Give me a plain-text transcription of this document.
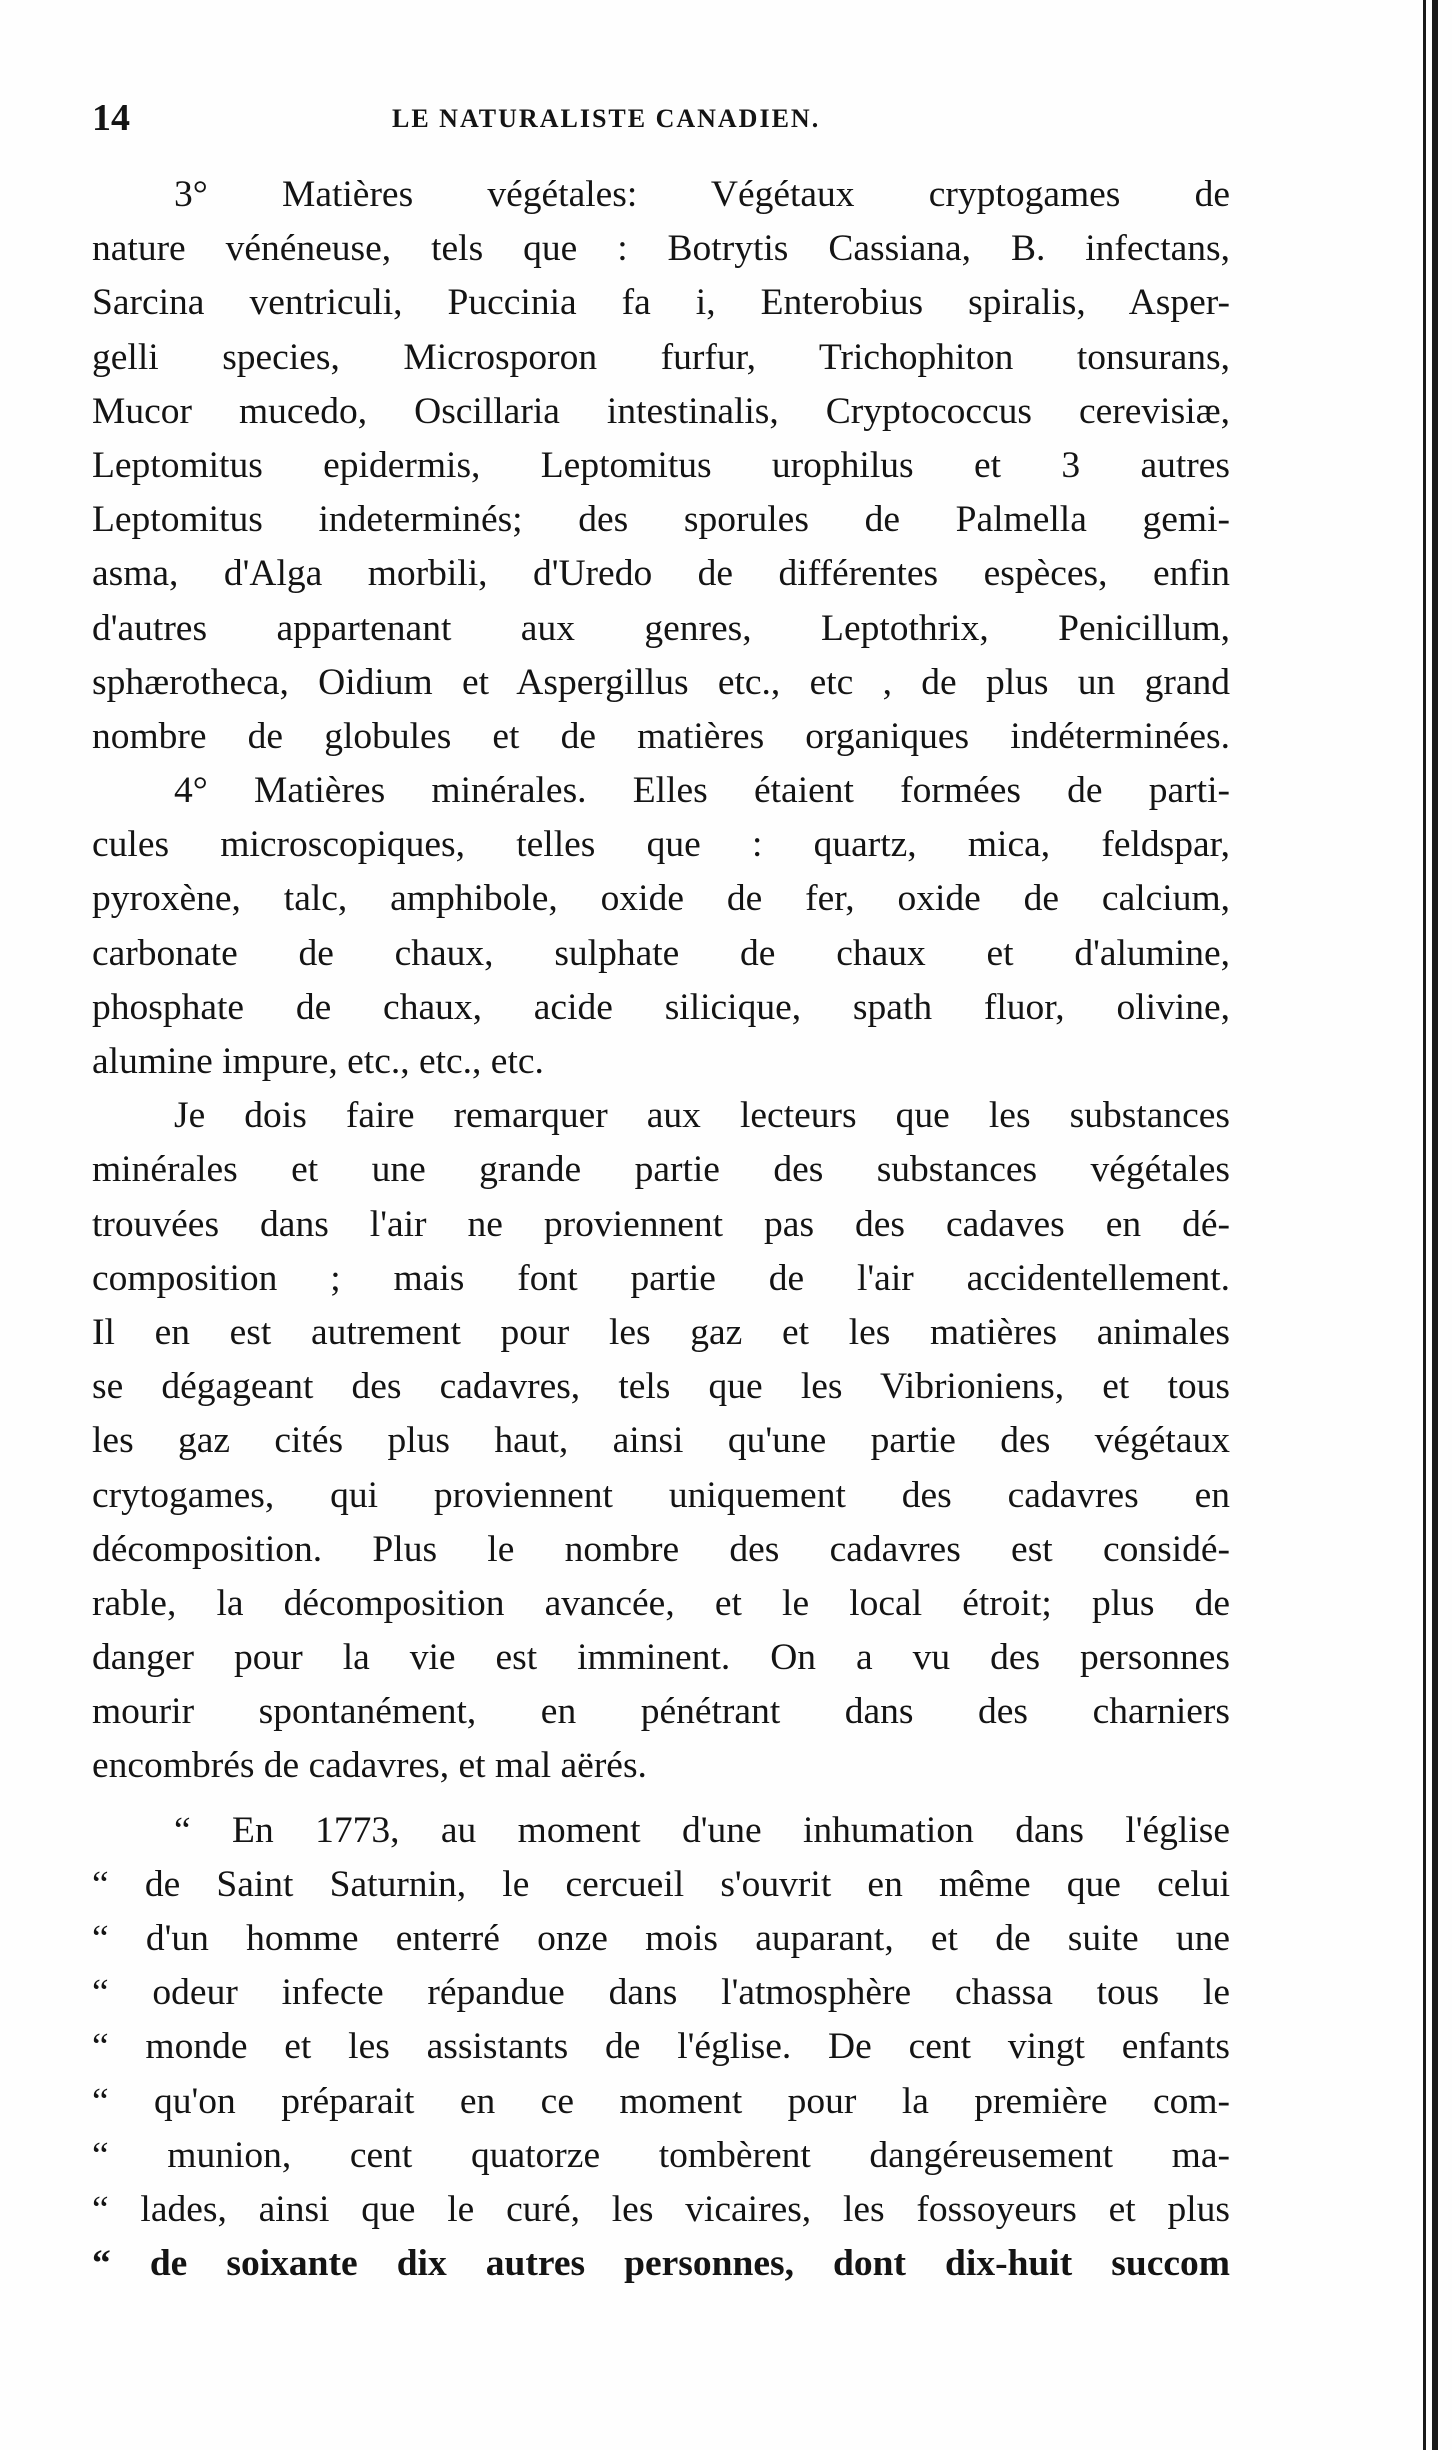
14	LE NATURALISTE CANADIEN.
3° Matières végétales: Végétaux cryptogames de
nature vénéneuse, tels que : Botrytis Cassiana, B. infectans,
Sarcina ventriculi, Puccinia fa i, Enterobius spiralis, Asper-
gelli species, Microsporon furfur, Trichophiton tonsurans,
Mucor mucedo, Oscillaria intestinalis, Cryptococcus cerevisiæ,
Leptomitus epidermis, Leptomitus urophilus et 3 autres
Leptomitus indeterminés; des sporules de Palmella gemi-
asma, d'Alga morbili, d'Uredo de différentes espèces, enfin
d'autres appartenant aux genres, Leptothrix, Penicillum,
sphærotheca, Oidium et Aspergillus etc., etc , de plus un grand
nombre de globules et de matières organiques indéterminées.
4° Matières minérales. Elles étaient formées de parti-
cules microscopiques, telles que : quartz, mica, feldspar,
pyroxène, talc, amphibole, oxide de fer, oxide de calcium,
carbonate de chaux, sulphate de chaux et d'alumine,
phosphate de chaux, acide silicique, spath fluor, olivine,
alumine impure, etc., etc., etc.
Je dois faire remarquer aux lecteurs que les substances
minérales et une grande partie des substances végétales
trouvées dans l'air ne proviennent pas des cadaves en dé-
composition ; mais font partie de l'air accidentellement.
Il en est autrement pour les gaz et les matières animales
se dégageant des cadavres, tels que les Vibrioniens, et tous
les gaz cités plus haut, ainsi qu'une partie des végétaux
crytogames, qui proviennent uniquement des cadavres en
décomposition. Plus le nombre des cadavres est considé-
rable, la décomposition avancée, et le local étroit; plus de
danger pour la vie est imminent. On a vu des personnes
mourir spontanément, en pénétrant dans des charniers
encombrés de cadavres, et mal aërés.
“ En 1773, au moment d'une inhumation dans l'église
“ de Saint Saturnin, le cercueil s'ouvrit en même que celui
“ d'un homme enterré onze mois auparant, et de suite une
“ odeur infecte répandue dans l'atmosphère chassa tous le
“ monde et les assistants de l'église. De cent vingt enfants
“ qu'on préparait en ce moment pour la première com-
“ munion, cent quatorze tombèrent dangéreusement ma-
“ lades, ainsi que le curé, les vicaires, les fossoyeurs et plus
“ de soixante dix autres personnes, dont dix-huit succom
